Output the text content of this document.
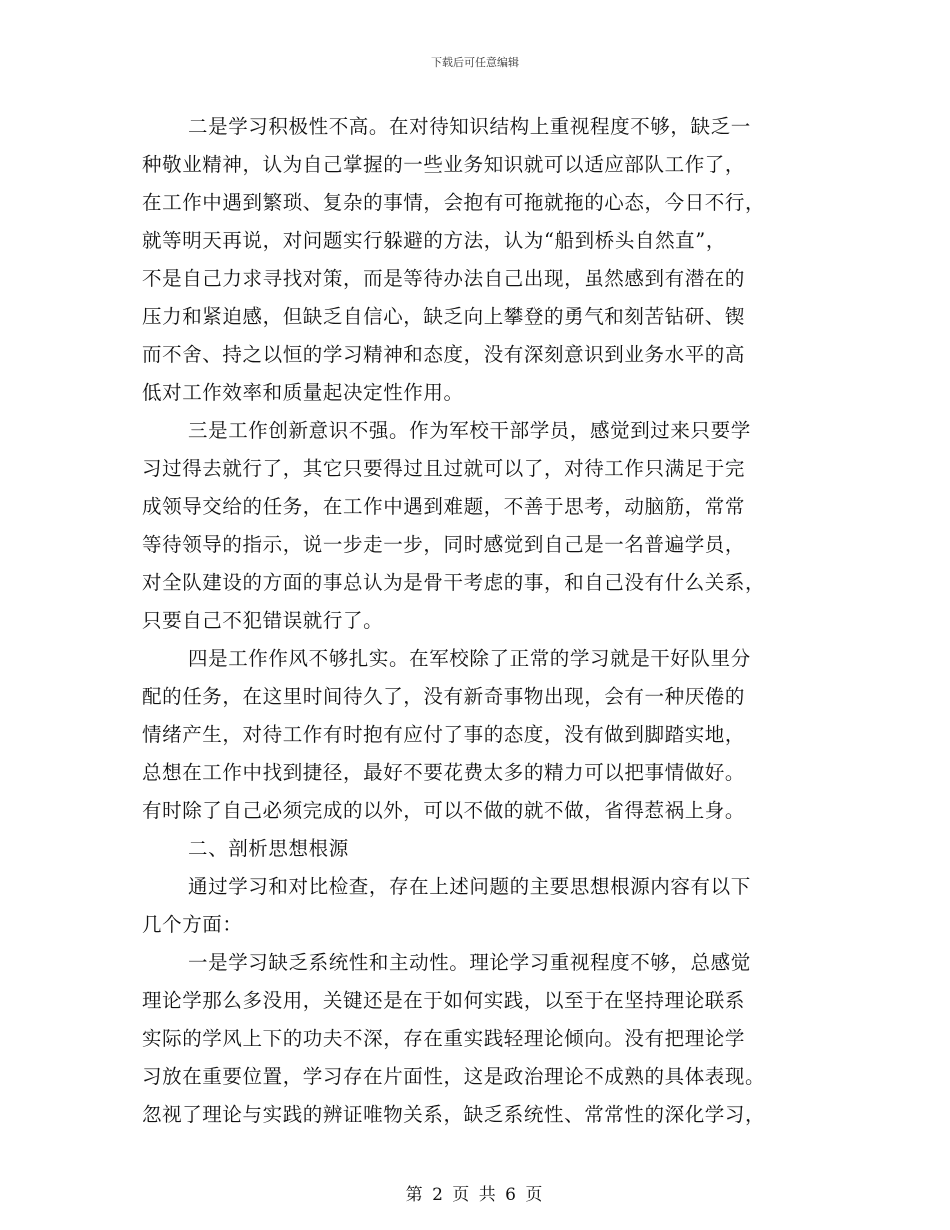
下载后可任意编辑
二是学习积极性不高。在对待知识结构上重视程度不够，缺乏一
种敬业精神，认为自己掌握的一些业务知识就可以适应部队工作了，
在工作中遇到繁琐、复杂的事情，会抱有可拖就拖的心态，今日不行，
就等明天再说，对问题实行躲避的方法，认为“船到桥头自然直”，
不是自己力求寻找对策，而是等待办法自己出现，虽然感到有潜在的
压力和紧迫感，但缺乏自信心，缺乏向上攀登的勇气和刻苦钻研、锲
而不舍、持之以恒的学习精神和态度，没有深刻意识到业务水平的高
低对工作效率和质量起决定性作用。
三是工作创新意识不强。作为军校干部学员，感觉到过来只要学
习过得去就行了，其它只要得过且过就可以了，对待工作只满足于完
成领导交给的任务，在工作中遇到难题，不善于思考，动脑筋，常常
等待领导的指示，说一步走一步，同时感觉到自己是一名普遍学员，
对全队建设的方面的事总认为是骨干考虑的事，和自己没有什么关系，
只要自己不犯错误就行了。
四是工作作风不够扎实。在军校除了正常的学习就是干好队里分
配的任务，在这里时间待久了，没有新奇事物出现，会有一种厌倦的
情绪产生，对待工作有时抱有应付了事的态度，没有做到脚踏实地，
总想在工作中找到捷径，最好不要花费太多的精力可以把事情做好。
有时除了自己必须完成的以外，可以不做的就不做，省得惹祸上身。
二、剖析思想根源
通过学习和对比检查，存在上述问题的主要思想根源内容有以下
几个方面：
一是学习缺乏系统性和主动性。理论学习重视程度不够，总感觉
理论学那么多没用，关键还是在于如何实践，以至于在坚持理论联系
实际的学风上下的功夫不深，存在重实践轻理论倾向。没有把理论学
习放在重要位置，学习存在片面性，这是政治理论不成熟的具体表现。
忽视了理论与实践的辨证唯物关系，缺乏系统性、常常性的深化学习，
第 2 页 共 6 页
